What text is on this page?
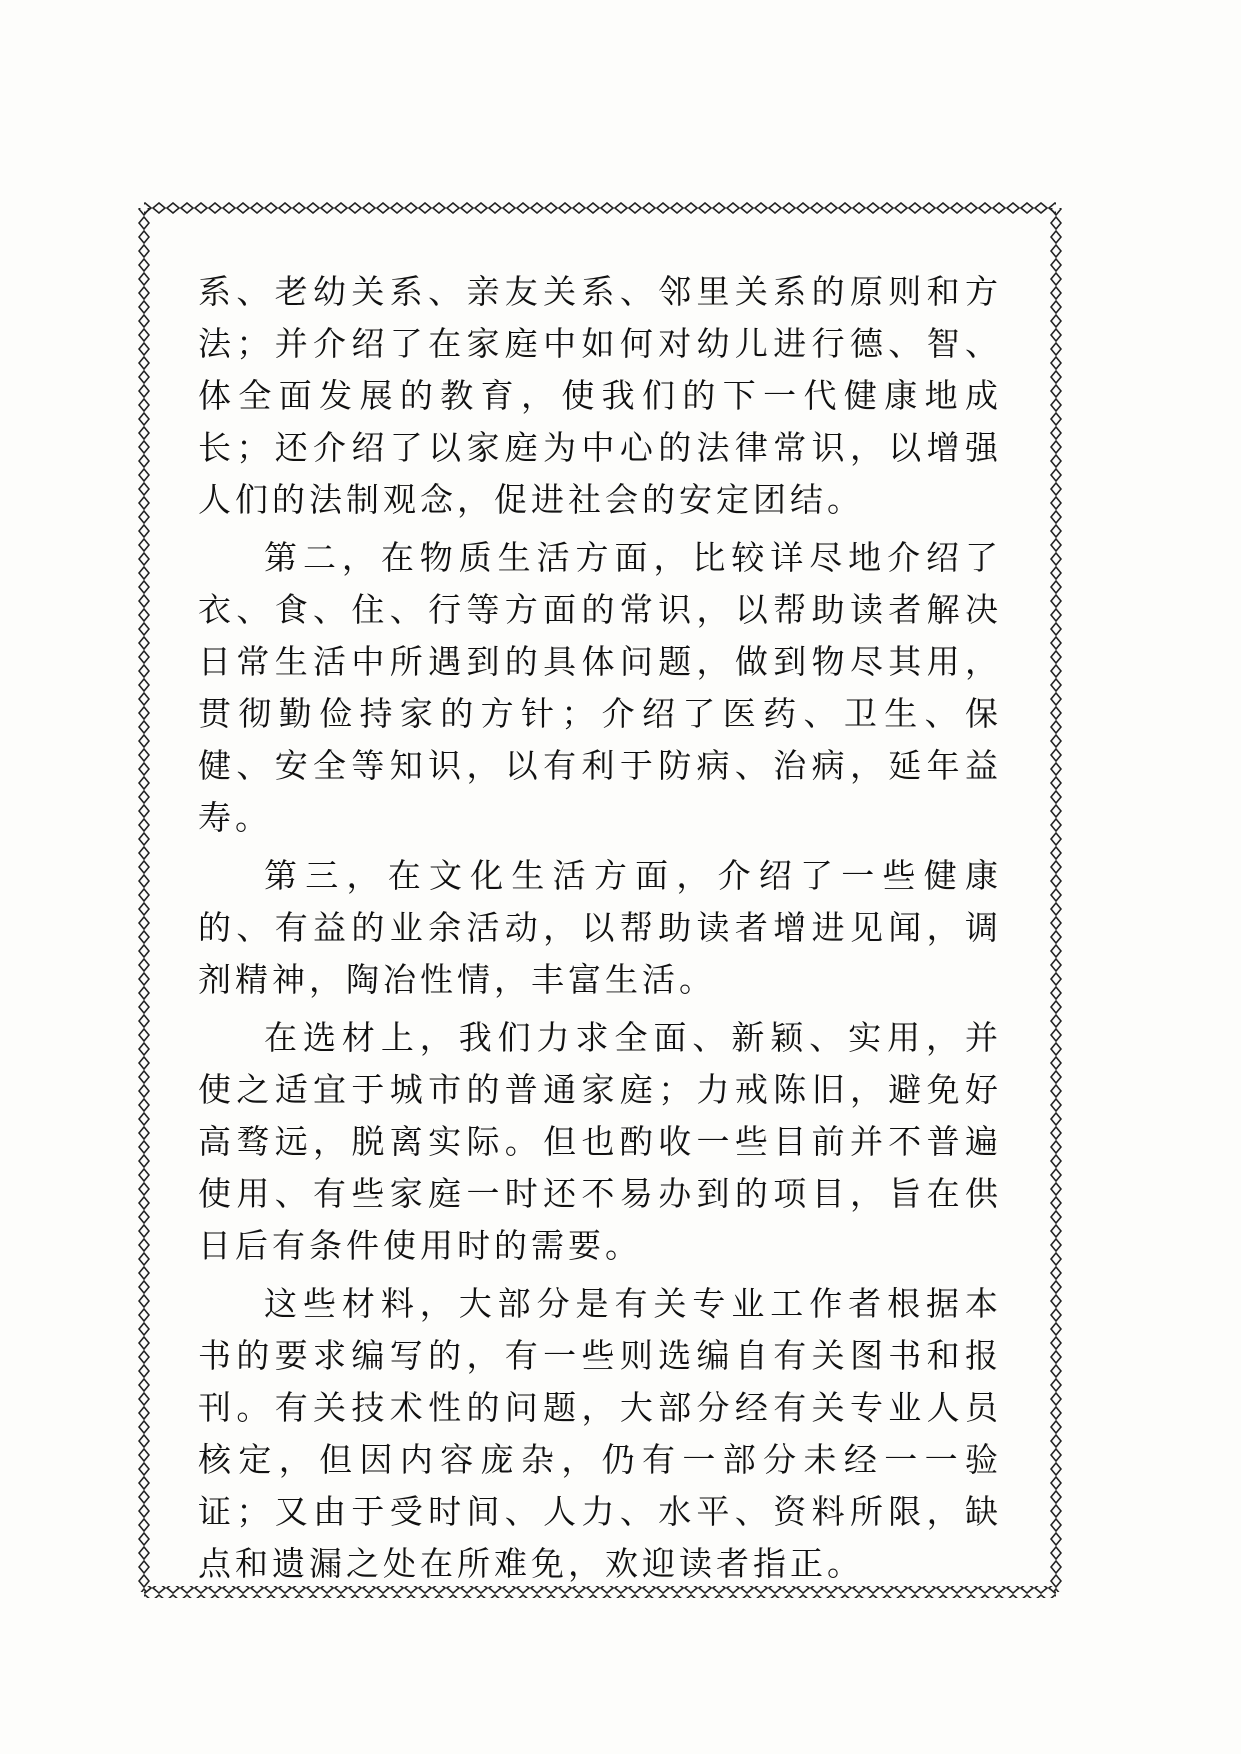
系、老幼关系、亲友关系、邻里关系的原则和方法；并介绍了在家庭中如何对幼儿进行德、智、体全面发展的教育，使我们的下一代健康地成长；还介绍了以家庭为中心的法律常识，以增强人们的法制观念，促进社会的安定团结。

第二，在物质生活方面，比较详尽地介绍了衣、食、住、行等方面的常识，以帮助读者解决日常生活中所遇到的具体问题，做到物尽其用，贯彻勤俭持家的方针；介绍了医药、卫生、保健、安全等知识，以有利于防病、治病，延年益寿。

第三，在文化生活方面，介绍了一些健康的、有益的业余活动，以帮助读者增进见闻，调剂精神，陶冶性情，丰富生活。

在选材上，我们力求全面、新颖、实用，并使之适宜于城市的普通家庭；力戒陈旧，避免好高骛远，脱离实际。但也酌收一些目前并不普遍使用、有些家庭一时还不易办到的项目，旨在供日后有条件使用时的需要。

这些材料，大部分是有关专业工作者根据本书的要求编写的，有一些则选编自有关图书和报刊。有关技术性的问题，大部分经有关专业人员核定，但因内容庞杂，仍有一部分未经一一验证；又由于受时间、人力、水平、资料所限，缺点和遗漏之处在所难免，欢迎读者指正。
